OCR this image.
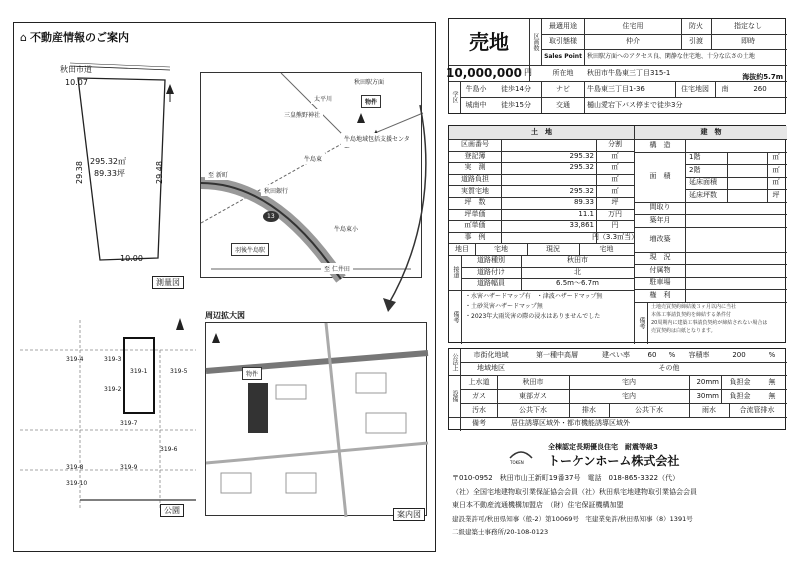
⌂ 不動産情報のご案内
秋田市道
10.07
295.32㎡
89.33坪
29.38	29.48
10.00
測量図
秋田駅方面
太平川
三皇熊野神社
牛島地域包括支援センター
牛島東
秋田銀行
羽後牛島駅
至 新町
至 仁井田
牛島東小
物件
13
周辺拡大図
物件
案内図
319-4	319-3
319-2
319-1	319-5
319-7
319-6
319-8	319-9
319-10
公園
売地
10,000,000 円
区画数
最適用途	住宅用	防火	指定なし
取引態様	仲介	引渡	即時
Sales Point 秋田駅方面へのアクセス良、閑静な住宅地、十分な広さの土地
所在地	秋田市牛島東三丁目315-1	海抜約5.7m
学区
牛島小	徒歩14分
城南中	徒歩15分
ナビ	牛島東三丁目1-36	住宅地図	南	260
交通	樋山愛宕下バス停まで徒歩3分
土　地	建　物
区画番号	分割
登記簿	295.32	㎡
実　測	295.32	㎡
道路負担	㎡
実質宅地	295.32	㎡
坪　数	89.33	坪
坪単価	11.1	万円
㎡単価	33,861	円
事　例	円（3.3㎡当）
地目	宅地	現況	宅地
接道
道路種別	秋田市
道路付け	北
道路幅員	6.5m〜6.7m
備考
・水害ハザードマップ有　・津波ハザードマップ無
・土砂災害ハザードマップ無
・2023年大雨災害の際の浸水はありませんでした
構　造
面　積
1階	㎡
2階	㎡
延床面積	㎡
延床坪数	坪
間取り
築年月
増改築
現　況
付属物
駐車場
権　利
備考
土地売買契約締結後３ヶ月以内に当社
本体工事請負契約を締結する条件付
20周期内に建築工事請負契約が締結されない場合は
売買契約は白紙となります。
公法上	市街化地域	第一種中高層	建ぺい率	60	%	容積率	200	%
地域地区	その他
設備
備考	居住誘導区域外・都市機能誘導区域外
上水道	秋田市	宅内	20mm	負担金	無
ガス	東部ガス	宅内	30mm	負担金	無
汚水	公共下水	排水	公共下水	雨水	合流管排水
全棟認定長期優良住宅　耐震等級3
TOKEN トーケンホーム株式会社
〒010-0952　秋田市山王新町19番37号　電話　018-865-3322（代）
（社）全国宅地建物取引業保証協会会員（社）秋田県宅地建物取引業協会会員
東日本不動産流通機構加盟店　（財）住宅保証機構加盟
建設業許可/秋田県知事（般-2）第10069号　宅建業免許/秋田県知事（8）1391号
二級建築士事務所/20-108-0123
